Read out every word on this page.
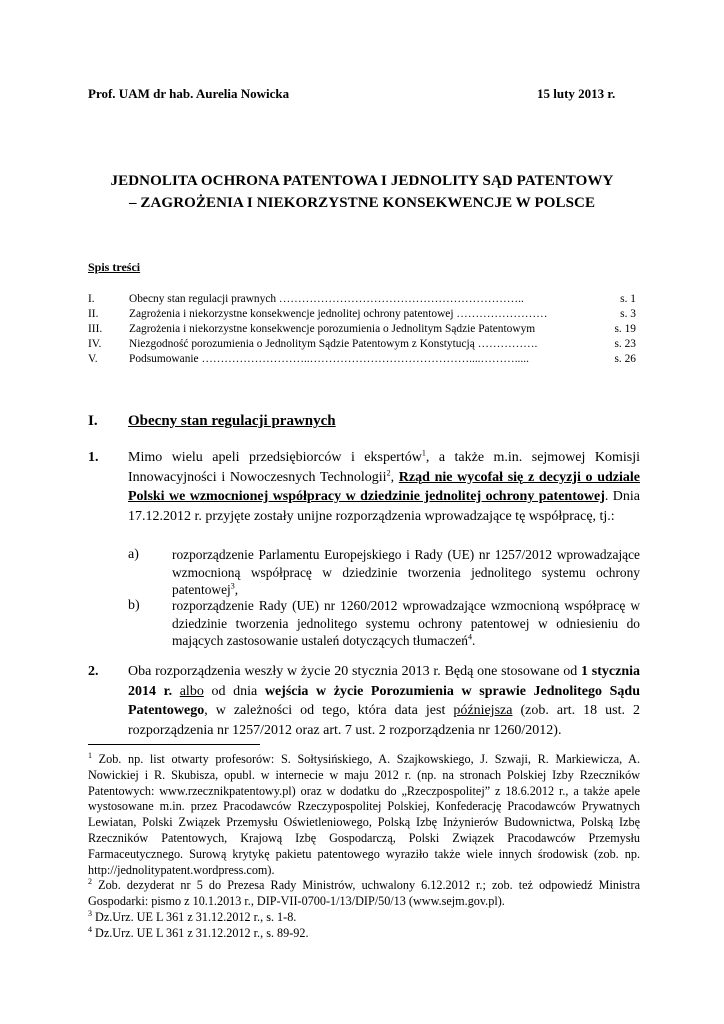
Prof. UAM dr hab. Aurelia Nowicka	15 luty 2013 r.
JEDNOLITA OCHRONA PATENTOWA I JEDNOLITY SĄD PATENTOWY
– ZAGROŻENIA I NIEKORZYSTNE KONSEKWENCJE W POLSCE
Spis treści
I.	Obecny stan regulacji prawnych ………………………………………………………..	s. 1
II.	Zagrożenia i niekorzystne konsekwencje jednolitej ochrony patentowej ……………………	s. 3
III. Zagrożenia i niekorzystne konsekwencje porozumienia o Jednolitym Sądzie Patentowym	s. 19
IV. Niezgodność porozumienia o Jednolitym Sądzie Patentowym z Konstytucją …………….	s. 23
V.	Podsumowanie ………………………..……………………………………....……….....	s. 26
I. Obecny stan regulacji prawnych
1. Mimo wielu apeli przedsiębiorców i ekspertów$^1$, a także m.in. sejmowej Komisji Innowacyjności i Nowoczesnych Technologii$^2$, Rząd nie wycofał się z decyzji o udziale Polski we wzmocnionej współpracy w dziedzinie jednolitej ochrony patentowej. Dnia 17.12.2012 r. przyjęte zostały unijne rozporządzenia wprowadzające tę współpracę, tj.:

a) rozporządzenie Parlamentu Europejskiego i Rady (UE) nr 1257/2012 wprowadzające wzmocnioną współpracę w dziedzinie tworzenia jednolitego systemu ochrony patentowej$^3$,
b) rozporządzenie Rady (UE) nr 1260/2012 wprowadzające wzmocnioną współpracę w dziedzinie tworzenia jednolitego systemu ochrony patentowej w odniesieniu do mających zastosowanie ustaleń dotyczących tłumaczeń$^4$.
2. Oba rozporządzenia weszły w życie 20 stycznia 2013 r. Będą one stosowane od 1 stycznia 2014 r. albo od dnia wejścia w życie Porozumienia w sprawie Jednolitego Sądu Patentowego, w zależności od tego, która data jest późniejsza (zob. art. 18 ust. 2 rozporządzenia nr 1257/2012 oraz art. 7 ust. 2 rozporządzenia nr 1260/2012).

$^1$ Zob. np. list otwarty profesorów: S. Sołtysińskiego, A. Szajkowskiego, J. Szwaji, R. Markiewicza, A. Nowickiej i R. Skubisza, opubl. w internecie w maju 2012 r. (np. na stronach Polskiej Izby Rzeczników Patentowych: www.rzecznikpatentowy.pl) oraz w dodatku do „Rzeczpospolitej” z 18.6.2012 r., a także apele wystosowane m.in. przez Pracodawców Rzeczypospolitej Polskiej, Konfederację Pracodawców Prywatnych Lewiatan, Polski Związek Przemysłu Oświetleniowego, Polską Izbę Inżynierów Budownictwa, Polską Izbę Rzeczników Patentowych, Krajową Izbę Gospodarczą, Polski Związek Pracodawców Przemysłu Farmaceutycznego. Surową krytykę pakietu patentowego wyraziło także wiele innych środowisk (zob. np. http://jednolitypatent.wordpress.com).
$^2$ Zob. dezyderat nr 5 do Prezesa Rady Ministrów, uchwalony 6.12.2012 r.; zob. też odpowiedź Ministra Gospodarki: pismo z 10.1.2013 r., DIP-VII-0700-1/13/DIP/50/13 (www.sejm.gov.pl).
$^3$ Dz.Urz. UE L 361 z 31.12.2012 r., s. 1-8.
$^4$ Dz.Urz. UE L 361 z 31.12.2012 r., s. 89-92.
